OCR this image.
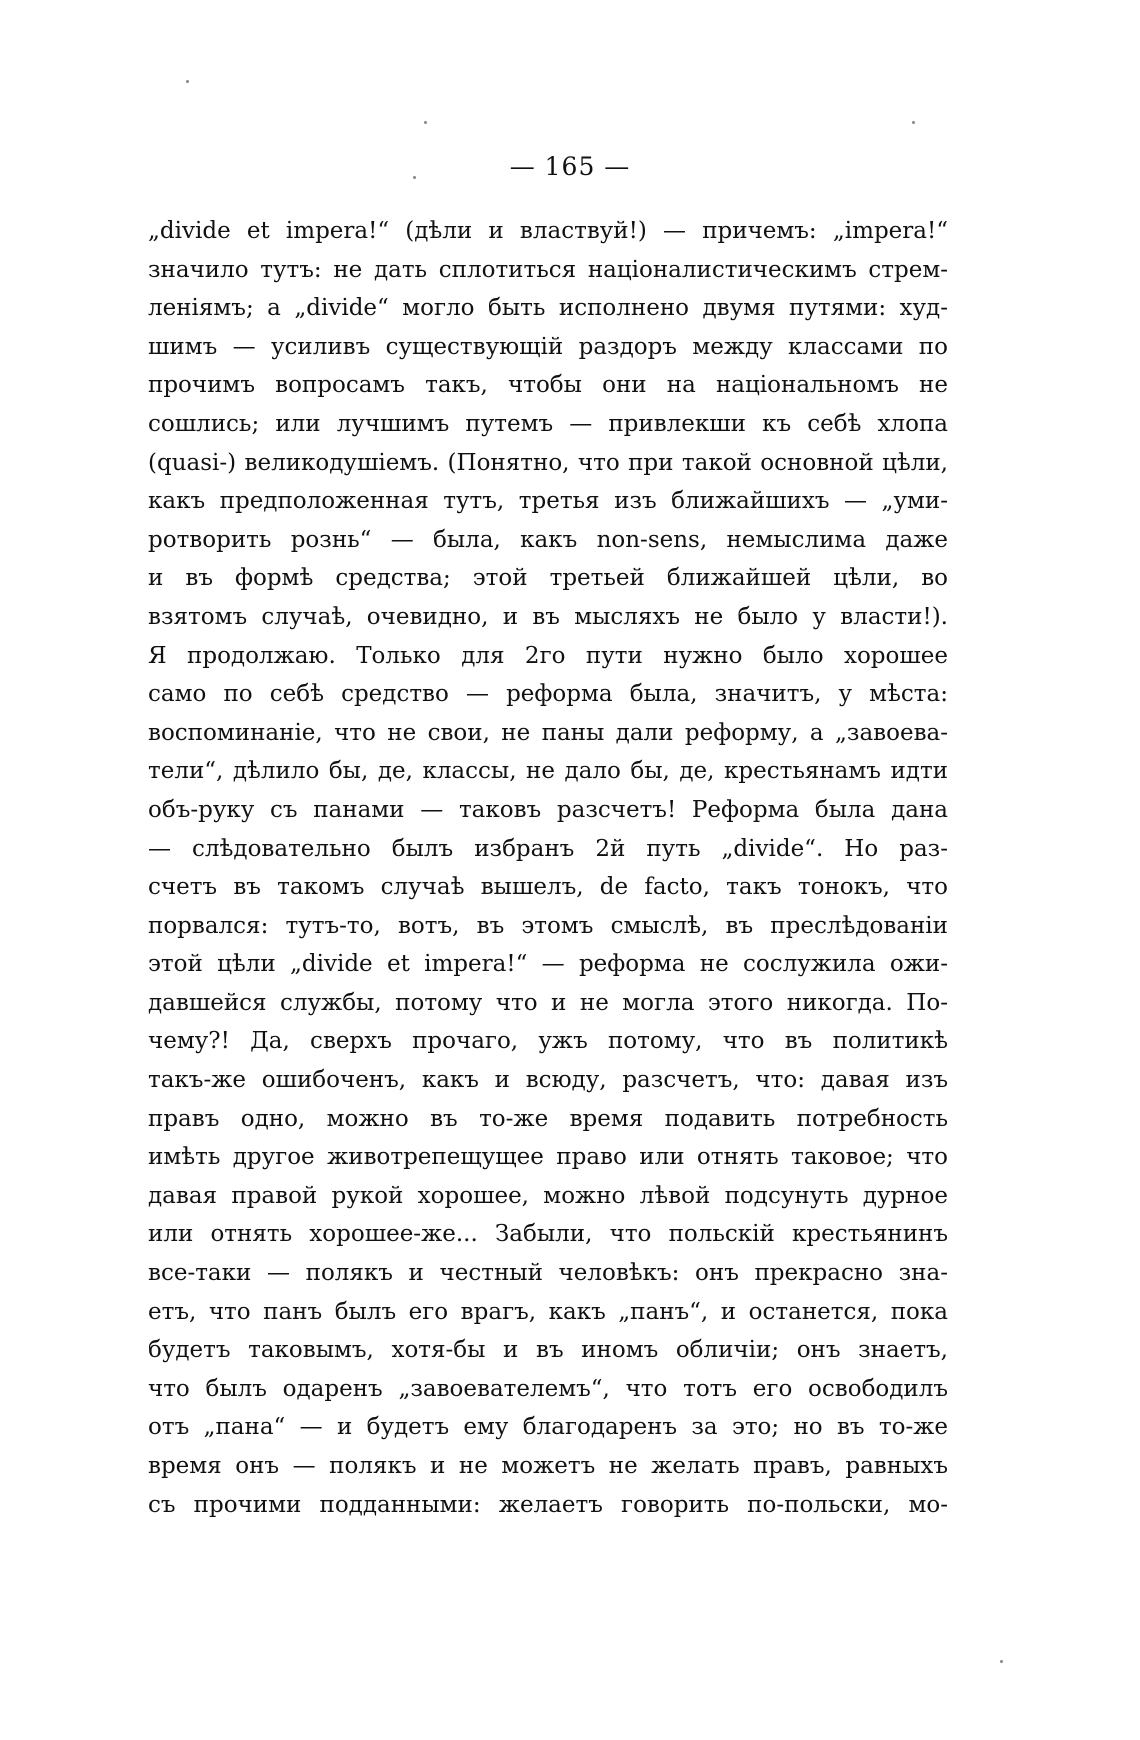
— 165 —
„divide et impera!“ (дѣли и властвуй!) — причемъ: „impera!“
значило тутъ: не дать сплотиться націоналистическимъ стрем-
леніямъ; а „divide“ могло быть исполнено двумя путями: худ-
шимъ — усиливъ существующій раздоръ между классами по
прочимъ вопросамъ такъ, чтобы они на національномъ не
сошлись; или лучшимъ путемъ — привлекши къ себѣ хлопа
(quasi-) великодушіемъ. (Понятно, что при такой основной цѣли,
какъ предположенная тутъ, третья изъ ближайшихъ — „уми-
ротворить рознь“ — была, какъ non-sens, немыслима даже
и въ формѣ средства; этой третьей ближайшей цѣли, во
взятомъ случаѣ, очевидно, и въ мысляхъ не было у власти!).
Я продолжаю. Только для 2го пути нужно было хорошее
само по себѣ средство — реформа была, значитъ, у мѣста:
воспоминаніе, что не свои, не паны дали реформу, а „завоева-
тели“, дѣлило бы, де, классы, не дало бы, де, крестьянамъ идти
объ-руку съ панами — таковъ разсчетъ! Реформа была дана
— слѣдовательно былъ избранъ 2й путь „divide“. Но раз-
счетъ въ такомъ случаѣ вышелъ, de facto, такъ тонокъ, что
порвался: тутъ-то, вотъ, въ этомъ смыслѣ, въ преслѣдованіи
этой цѣли „divide et impera!“ — реформа не сослужила ожи-
давшейся службы, потому что и не могла этого никогда. По-
чему?! Да, сверхъ прочаго, ужъ потому, что въ политикѣ
такъ-же ошибоченъ, какъ и всюду, разсчетъ, что: давая изъ
правъ одно, можно въ то-же время подавить потребность
имѣть другое животрепещущее право или отнять таковое; что
давая правой рукой хорошее, можно лѣвой подсунуть дурное
или отнять хорошее-же... Забыли, что польскій крестьянинъ
все-таки — полякъ и честный человѣкъ: онъ прекрасно зна-
етъ, что панъ былъ его врагъ, какъ „панъ“, и останется, пока
будетъ таковымъ, хотя-бы и въ иномъ обличіи; онъ знаетъ,
что былъ одаренъ „завоевателемъ“, что тотъ его освободилъ
отъ „пана“ — и будетъ ему благодаренъ за это; но въ то-же
время онъ — полякъ и не можетъ не желать правъ, равныхъ
съ прочими подданными: желаетъ говорить по-польски, мо-
